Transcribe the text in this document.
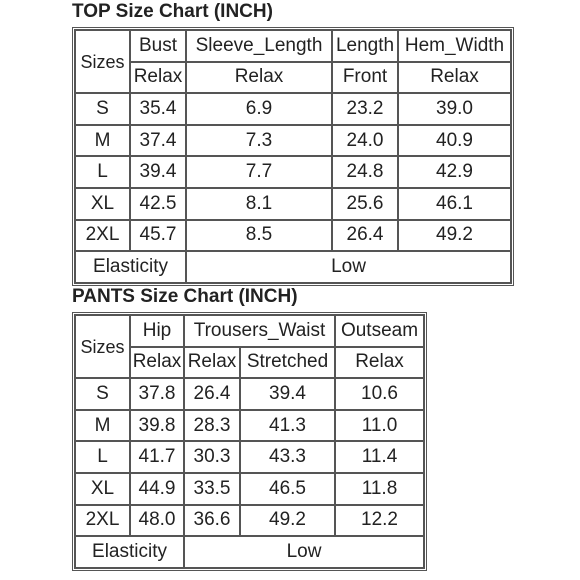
TOP Size Chart (INCH)
Sizes	Bust	Sleeve_Length	Length	Hem_Width
	Relax	Relax	Front	Relax
S	35.4	6.9	23.2	39.0
M	37.4	7.3	24.0	40.9
L	39.4	7.7	24.8	42.9
XL	42.5	8.1	25.6	46.1
2XL	45.7	8.5	26.4	49.2
Elasticity		Low		
PANTS Size Chart (INCH)
Sizes	Hip	Trousers_Waist		Outseam
	Relax	Relax	Stretched	Relax
S	37.8	26.4	39.4	10.6
M	39.8	28.3	41.3	11.0
L	41.7	30.3	43.3	11.4
XL	44.9	33.5	46.5	11.8
2XL	48.0	36.6	49.2	12.2
Elasticity		Low		
